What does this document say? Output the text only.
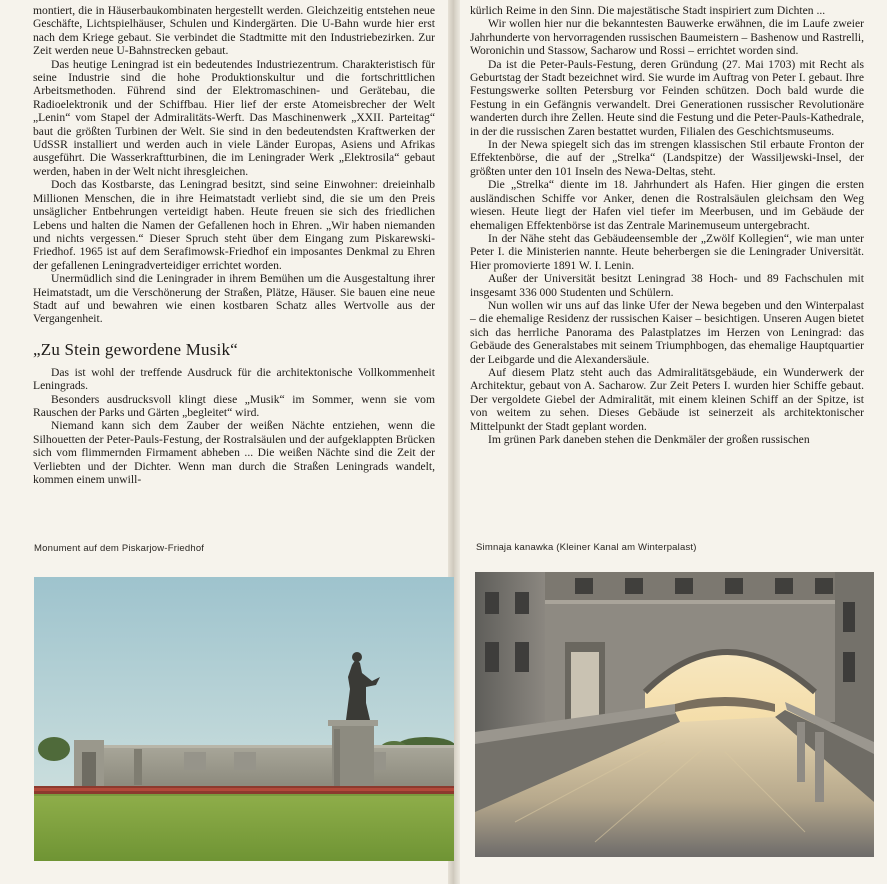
montiert, die in Häuserbaukombinaten hergestellt werden. Gleichzeitig entstehen neue Geschäfte, Lichtspielhäuser, Schulen und Kindergärten. Die U-Bahn wurde hier erst nach dem Kriege gebaut. Sie verbindet die Stadtmitte mit den Industriebezirken. Zur Zeit werden neue U-Bahnstrecken gebaut.

Das heutige Leningrad ist ein bedeutendes Industriezentrum. Charakteristisch für seine Industrie sind die hohe Produktionskultur und die fortschrittlichen Arbeitsmethoden. Führend sind der Elektromaschinen- und Gerätebau, die Radioelektronik und der Schiffbau. Hier lief der erste Atomeisbrecher der Welt „Lenin“ vom Stapel der Admiralitäts-Werft. Das Maschinenwerk „XXII. Parteitag“ baut die größten Turbinen der Welt. Sie sind in den bedeutendsten Kraftwerken der UdSSR installiert und werden auch in viele Länder Europas, Asiens und Afrikas ausgeführt. Die Wasserkraftturbinen, die im Leningrader Werk „Elektrosila“ gebaut werden, haben in der Welt nicht ihresgleichen.

Doch das Kostbarste, das Leningrad besitzt, sind seine Einwohner: dreieinhalb Millionen Menschen, die in ihre Heimatstadt verliebt sind, die sie um den Preis unsäglicher Entbehrungen verteidigt haben. Heute freuen sie sich des friedlichen Lebens und halten die Namen der Gefallenen hoch in Ehren. „Wir haben niemanden und nichts vergessen.“ Dieser Spruch steht über dem Eingang zum Piskarewski-Friedhof. 1965 ist auf dem Serafimowsk-Friedhof ein imposantes Denkmal zu Ehren der gefallenen Leningradverteidiger errichtet worden.

Unermüdlich sind die Leningrader in ihrem Bemühen um die Ausgestaltung ihrer Heimatstadt, um die Verschönerung der Straßen, Plätze, Häuser. Sie bauen eine neue Stadt auf und bewahren wie einen kostbaren Schatz alles Wertvolle aus der Vergangenheit.

„Zu Stein gewordene Musik“

Das ist wohl der treffende Ausdruck für die architektonische Vollkommenheit Leningrads.

Besonders ausdrucksvoll klingt diese „Musik“ im Sommer, wenn sie vom Rauschen der Parks und Gärten „begleitet“ wird.

Niemand kann sich dem Zauber der weißen Nächte entziehen, wenn die Silhouetten der Peter-Pauls-Festung, der Rostralsäulen und der aufgeklappten Brücken sich vom flimmernden Firmament abheben ... Die weißen Nächte sind die Zeit der Verliebten und der Dichter. Wenn man durch die Straßen Leningrads wandelt, kommen einem unwill-

kürlich Reime in den Sinn. Die majestätische Stadt inspiriert zum Dichten ...

Wir wollen hier nur die bekanntesten Bauwerke erwähnen, die im Laufe zweier Jahrhunderte von hervorragenden russischen Baumeistern – Bashenow und Rastrelli, Woronichin und Stassow, Sacharow und Rossi – errichtet worden sind.

Da ist die Peter-Pauls-Festung, deren Gründung (27. Mai 1703) mit Recht als Geburtstag der Stadt bezeichnet wird. Sie wurde im Auftrag von Peter I. gebaut. Ihre Festungswerke sollten Petersburg vor Feinden schützen. Doch bald wurde die Festung in ein Gefängnis verwandelt. Drei Generationen russischer Revolutionäre wanderten durch ihre Zellen. Heute sind die Festung und die Peter-Pauls-Kathedrale, in der die russischen Zaren bestattet wurden, Filialen des Geschichtsmuseums.

In der Newa spiegelt sich das im strengen klassischen Stil erbaute Fronton der Effektenbörse, die auf der „Strelka“ (Landspitze) der Wassiljewski-Insel, der größten unter den 101 Inseln des Newa-Deltas, steht.

Die „Strelka“ diente im 18. Jahrhundert als Hafen. Hier gingen die ersten ausländischen Schiffe vor Anker, denen die Rostralsäulen gleichsam den Weg wiesen. Heute liegt der Hafen viel tiefer im Meerbusen, und im Gebäude der ehemaligen Effektenbörse ist das Zentrale Marinemuseum untergebracht.

In der Nähe steht das Gebäudeensemble der „Zwölf Kollegien“, wie man unter Peter I. die Ministerien nannte. Heute beherbergen sie die Leningrader Universität. Hier promovierte 1891 W. I. Lenin.

Außer der Universität besitzt Leningrad 38 Hoch- und 89 Fachschulen mit insgesamt 336 000 Studenten und Schülern.

Nun wollen wir uns auf das linke Ufer der Newa begeben und den Winterpalast – die ehemalige Residenz der russischen Kaiser – besichtigen. Unseren Augen bietet sich das herrliche Panorama des Palastplatzes im Herzen von Leningrad: das Gebäude des Generalstabes mit seinem Triumphbogen, das ehemalige Hauptquartier der Leibgarde und die Alexandersäule.

Auf diesem Platz steht auch das Admiralitätsgebäude, ein Wunderwerk der Architektur, gebaut von A. Sacharow. Zur Zeit Peters I. wurden hier Schiffe gebaut. Der vergoldete Giebel der Admiralität, mit einem kleinen Schiff an der Spitze, ist von weitem zu sehen. Dieses Gebäude ist seinerzeit als architektonischer Mittelpunkt der Stadt geplant worden.

Im grünen Park daneben stehen die Denkmäler der großen russischen

Monument auf dem Piskarjow-Friedhof	Simnaja kanawka (Kleiner Kanal am Winterpalast)
